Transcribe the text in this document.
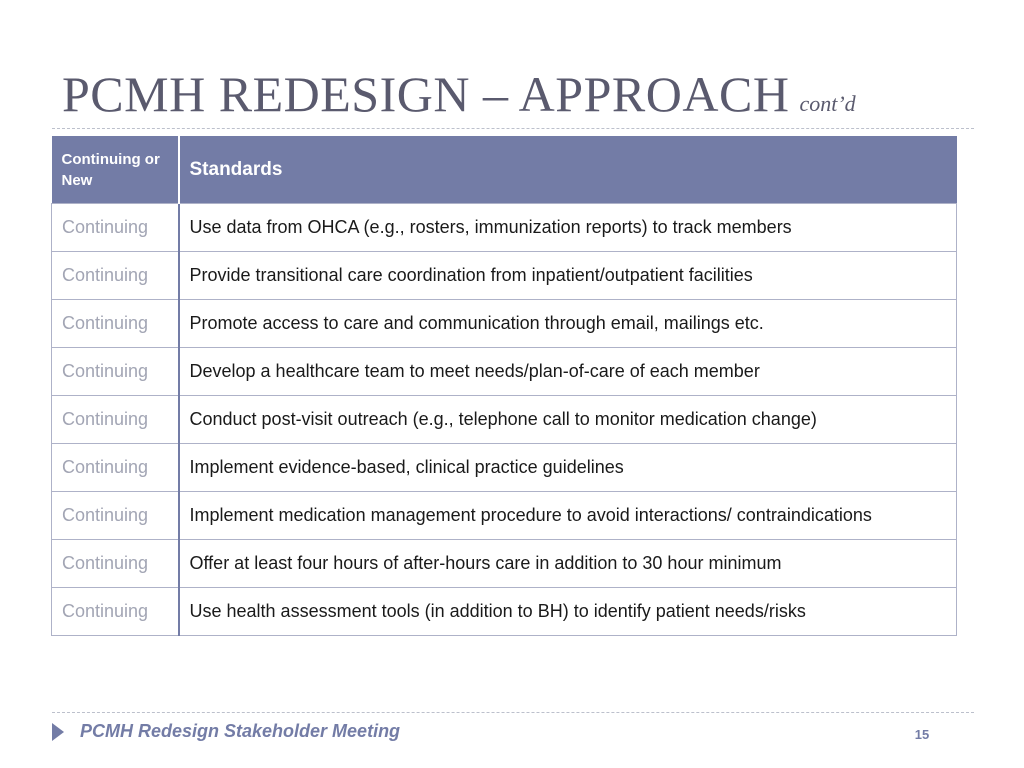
PCMH REDESIGN – APPROACH cont’d
Continuing or New	Standards
Continuing	Use data from OHCA (e.g., rosters, immunization reports) to track members
Continuing	Provide transitional care coordination from inpatient/outpatient facilities
Continuing	Promote access to care and communication through email, mailings etc.
Continuing	Develop a healthcare team to meet needs/plan-of-care of each member
Continuing	Conduct post-visit outreach (e.g., telephone call to monitor medication change)
Continuing	Implement evidence-based, clinical practice guidelines
Continuing	Implement medication management procedure to avoid interactions/ contraindications
Continuing	Offer at least four hours of after-hours care in addition to 30 hour minimum
Continuing	Use health assessment tools (in addition to BH) to identify patient needs/risks
PCMH Redesign Stakeholder Meeting	15
